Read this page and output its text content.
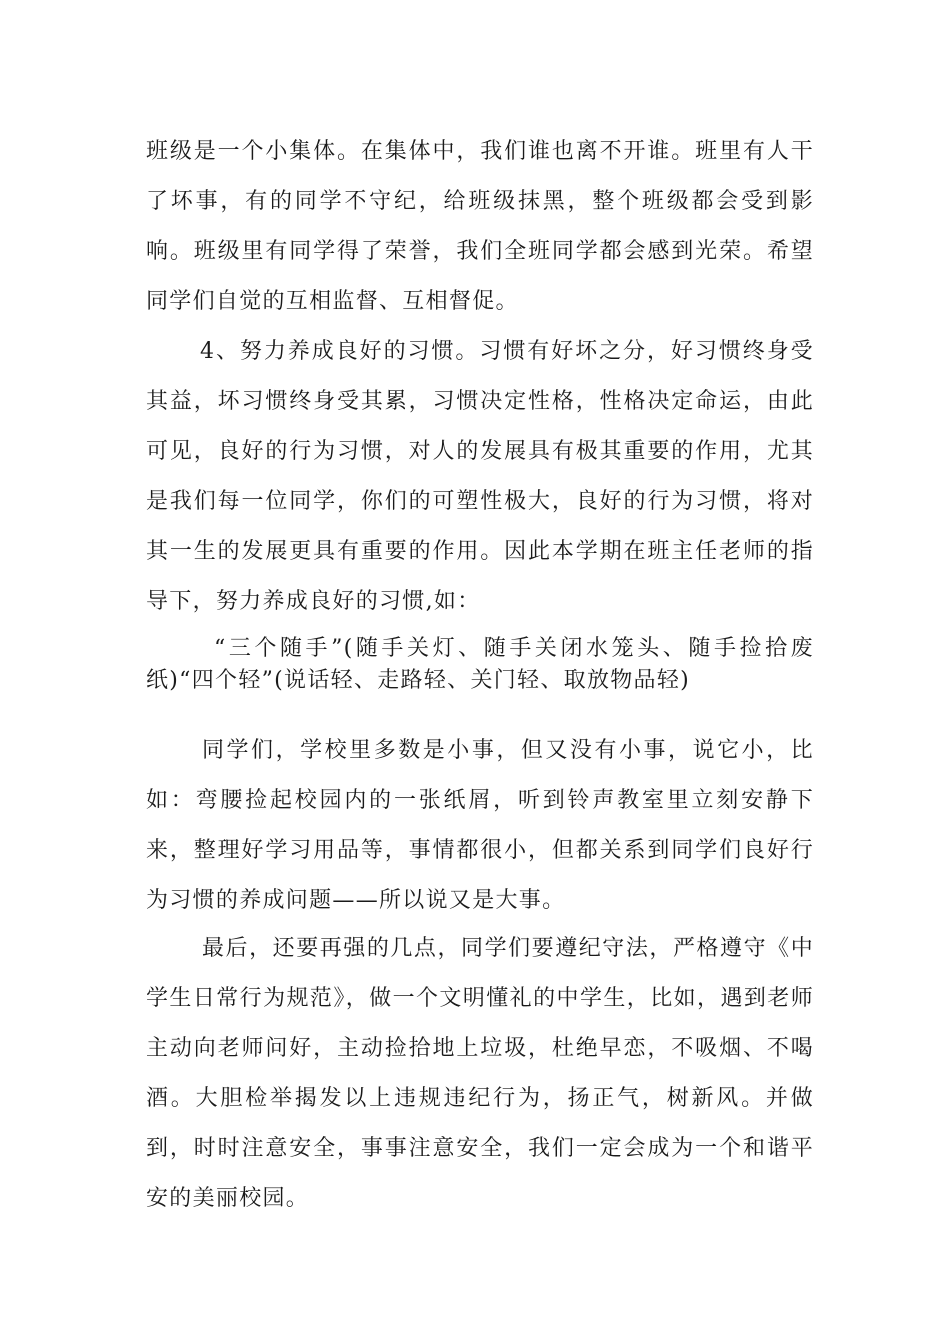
班级是一个小集体。在集体中，我们谁也离不开谁。班里有人干了坏事，有的同学不守纪，给班级抹黑，整个班级都会受到影响。班级里有同学得了荣誉，我们全班同学都会感到光荣。希望同学们自觉的互相监督、互相督促。

4、努力养成良好的习惯。习惯有好坏之分，好习惯终身受其益，坏习惯终身受其累，习惯决定性格，性格决定命运，由此可见，良好的行为习惯，对人的发展具有极其重要的作用，尤其是我们每一位同学，你们的可塑性极大，良好的行为习惯，将对其一生的发展更具有重要的作用。因此本学期在班主任老师的指导下，努力养成良好的习惯,如：

“三个随手”(随手关灯、随手关闭水笼头、随手捡拾废纸)“四个轻”(说话轻、走路轻、关门轻、取放物品轻)

同学们，学校里多数是小事，但又没有小事，说它小，比如：弯腰捡起校园内的一张纸屑，听到铃声教室里立刻安静下来，整理好学习用品等，事情都很小，但都关系到同学们良好行为习惯的养成问题——所以说又是大事。

最后，还要再强的几点，同学们要遵纪守法，严格遵守《中学生日常行为规范》，做一个文明懂礼的中学生，比如，遇到老师主动向老师问好，主动捡拾地上垃圾，杜绝早恋，不吸烟、不喝酒。大胆检举揭发以上违规违纪行为，扬正气，树新风。并做到，时时注意安全，事事注意安全，我们一定会成为一个和谐平安的美丽校园。
